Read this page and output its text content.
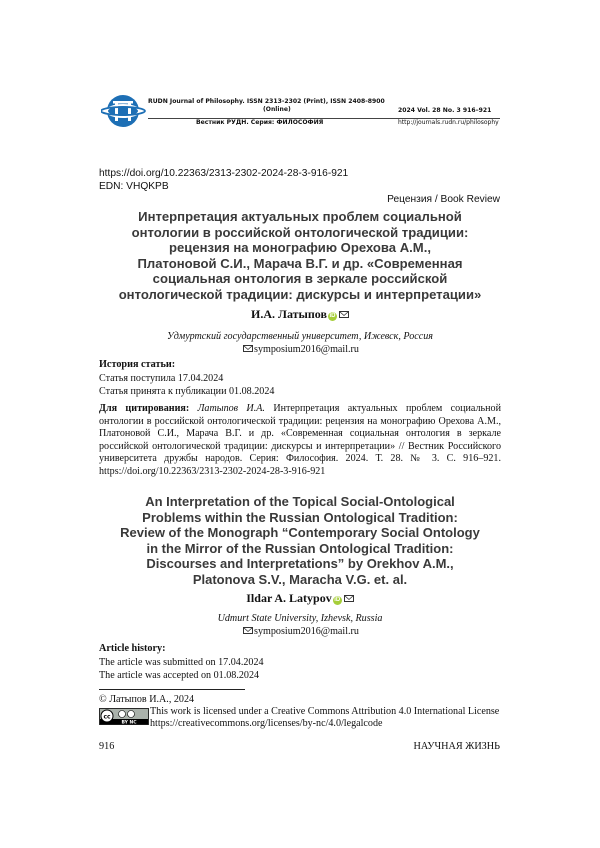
RUDN Journal of Philosophy. ISSN 2313-2302 (Print), ISSN 2408-8900
(Online)	2024 Vol. 28 No. 3 916–921
Вестник РУДН. Серия: ФИЛОСОФИЯ	http://journals.rudn.ru/philosophy
https://doi.org/10.22363/2313-2302-2024-28-3-916-921
EDN: VHQKPB
Рецензия / Book Review
Интерпретация актуальных проблем социальной
онтологии в российской онтологической традиции:
рецензия на монографию Орехова А.М.,
Платоновой С.И., Марача В.Г. и др. «Современная
социальная онтология в зеркале российской
онтологической традиции: дискурсы и интерпретации»
И.А. Латыпов iD
Удмуртский государственный университет, Ижевск, Россия
symposium2016@mail.ru
История статьи:
Статья поступила 17.04.2024
Статья принята к публикации 01.08.2024
Для цитирования: Латыпов И.А. Интерпретация актуальных проблем социальной онтологии в российской онтологической традиции: рецензия на монографию Орехова А.М., Платоновой С.И., Марача В.Г. и др. «Современная социальная онтология в зеркале российской онтологической традиции: дискурсы и интерпретации» // Вестник Российского университета дружбы народов. Серия: Философия. 2024. Т. 28. № 3. С. 916–921. https://doi.org/10.22363/2313-2302-2024-28-3-916-921
An Interpretation of the Topical Social-Ontological
Problems within the Russian Ontological Tradition:
Review of the Monograph “Contemporary Social Ontology
in the Mirror of the Russian Ontological Tradition:
Discourses and Interpretations” by Orekhov A.M.,
Platonova S.V., Maracha V.G. et. al.
Ildar A. Latypov iD
Udmurt State University, Izhevsk, Russia
symposium2016@mail.ru
Article history:
The article was submitted on 17.04.2024
The article was accepted on 01.08.2024
© Латыпов И.А., 2024
cc
BY NC
This work is licensed under a Creative Commons Attribution 4.0 International License
https://creativecommons.org/licenses/by-nc/4.0/legalcode
916	НАУЧНАЯ ЖИЗНЬ
